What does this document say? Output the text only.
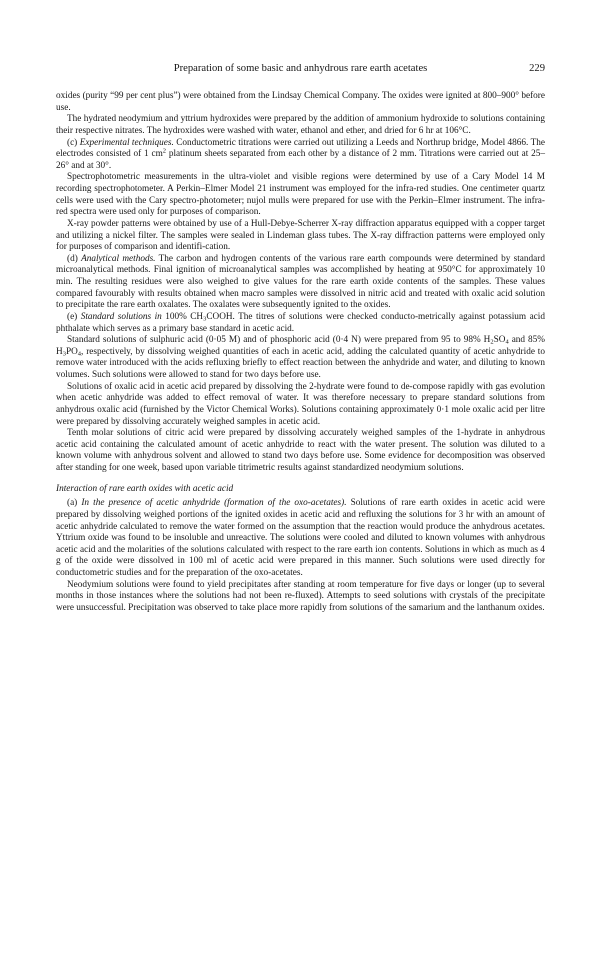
Preparation of some basic and anhydrous rare earth acetates	229

oxides (purity “99 per cent plus”) were obtained from the Lindsay Chemical Company. The oxides were ignited at 800–900° before use.

The hydrated neodymium and yttrium hydroxides were prepared by the addition of ammonium hydroxide to solutions containing their respective nitrates. The hydroxides were washed with water, ethanol and ether, and dried for 6 hr at 106°C.

(c) Experimental techniques. Conductometric titrations were carried out utilizing a Leeds and Northrup bridge, Model 4866. The electrodes consisted of 1 $cm^2$ platinum sheets separated from each other by a distance of 2 mm. Titrations were carried out at 25–26° and at 30°.

Spectrophotometric measurements in the ultra-violet and visible regions were determined by use of a Cary Model 14 M recording spectrophotometer. A Perkin–Elmer Model 21 instrument was employed for the infra-red studies. One centimeter quartz cells were used with the Cary spectro-photometer; nujol mulls were prepared for use with the Perkin–Elmer instrument. The infra-red spectra were used only for purposes of comparison.

X-ray powder patterns were obtained by use of a Hull-Debye-Scherrer X-ray diffraction apparatus equipped with a copper target and utilizing a nickel filter. The samples were sealed in Lindeman glass tubes. The X-ray diffraction patterns were employed only for purposes of comparison and identifi-cation.

(d) Analytical methods. The carbon and hydrogen contents of the various rare earth compounds were determined by standard microanalytical methods. Final ignition of microanalytical samples was accomplished by heating at 950°C for approximately 10 min. The resulting residues were also weighed to give values for the rare earth oxide contents of the samples. These values compared favourably with results obtained when macro samples were dissolved in nitric acid and treated with oxalic acid solution to precipitate the rare earth oxalates. The oxalates were subsequently ignited to the oxides.

(e) Standard solutions in 100% $CH_3COOH$. The titres of solutions were checked conducto-metrically against potassium acid phthalate which serves as a primary base standard in acetic acid.

Standard solutions of sulphuric acid (0·05 M) and of phosphoric acid (0·4 N) were prepared from 95 to 98% $H_2SO_4$ and 85% $H_3PO_4$, respectively, by dissolving weighed quantities of each in acetic acid, adding the calculated quantity of acetic anhydride to remove water introduced with the acids refluxing briefly to effect reaction between the anhydride and water, and diluting to known volumes. Such solutions were allowed to stand for two days before use.

Solutions of oxalic acid in acetic acid prepared by dissolving the 2-hydrate were found to de-compose rapidly with gas evolution when acetic anhydride was added to effect removal of water. It was therefore necessary to prepare standard solutions from anhydrous oxalic acid (furnished by the Victor Chemical Works). Solutions containing approximately 0·1 mole oxalic acid per litre were prepared by dissolving accurately weighed samples in acetic acid.

Tenth molar solutions of citric acid were prepared by dissolving accurately weighed samples of the 1-hydrate in anhydrous acetic acid containing the calculated amount of acetic anhydride to react with the water present. The solution was diluted to a known volume with anhydrous solvent and allowed to stand two days before use. Some evidence for decomposition was observed after standing for one week, based upon variable titrimetric results against standardized neodymium solutions.

Interaction of rare earth oxides with acetic acid

(a) In the presence of acetic anhydride (formation of the oxo-acetates). Solutions of rare earth oxides in acetic acid were prepared by dissolving weighed portions of the ignited oxides in acetic acid and refluxing the solutions for 3 hr with an amount of acetic anhydride calculated to remove the water formed on the assumption that the reaction would produce the anhydrous acetates. Yttrium oxide was found to be insoluble and unreactive. The solutions were cooled and diluted to known volumes with anhydrous acetic acid and the molarities of the solutions calculated with respect to the rare earth ion contents. Solutions in which as much as 4 g of the oxide were dissolved in 100 ml of acetic acid were prepared in this manner. Such solutions were used directly for conductometric studies and for the preparation of the oxo-acetates.

Neodymium solutions were found to yield precipitates after standing at room temperature for five days or longer (up to several months in those instances where the solutions had not been re-fluxed). Attempts to seed solutions with crystals of the precipitate were unsuccessful. Precipitation was observed to take place more rapidly from solutions of the samarium and the lanthanum oxides.
